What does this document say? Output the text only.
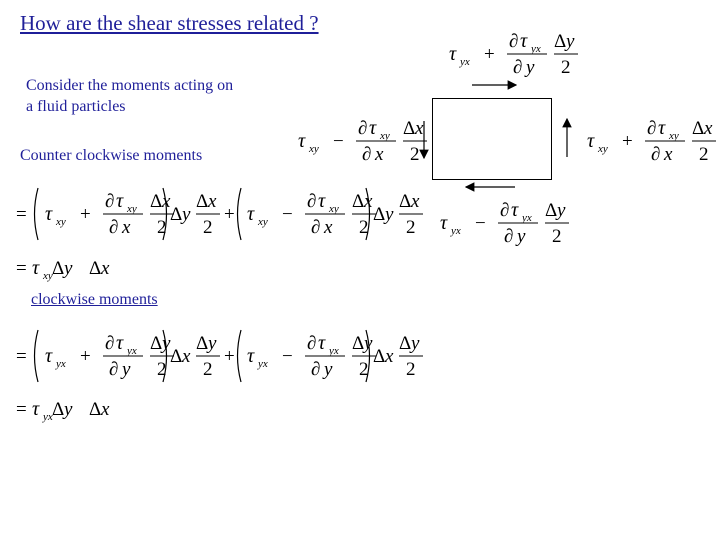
How are the shear stresses related ?
Consider the moments acting on
a fluid particles
Counter clockwise moments
clockwise moments
τ yx +
∂ τ yx
∂ y
Δ y
2
τ xy −
∂ τ xy
∂ x
Δ x
2
τ xy +
∂ τ xy
∂ x
Δ x
2
τ yx −
∂ τ yx
∂ y
Δ y
2
= τ xy +
∂ τ xy
∂ x
Δ x
2
Δ y
Δ x
2
+ τ xy −
∂ τ xy
∂ x
Δ x
2
Δ y
Δ x
2
= τ xy Δ y Δ x
= τ yx +
∂ τ yx
∂ y
Δ y
2
Δ x
Δ y
2
+ τ yx −
∂ τ yx
∂ y
Δ y
2
Δ x
Δ y
2
= τ yx Δ y Δ x
